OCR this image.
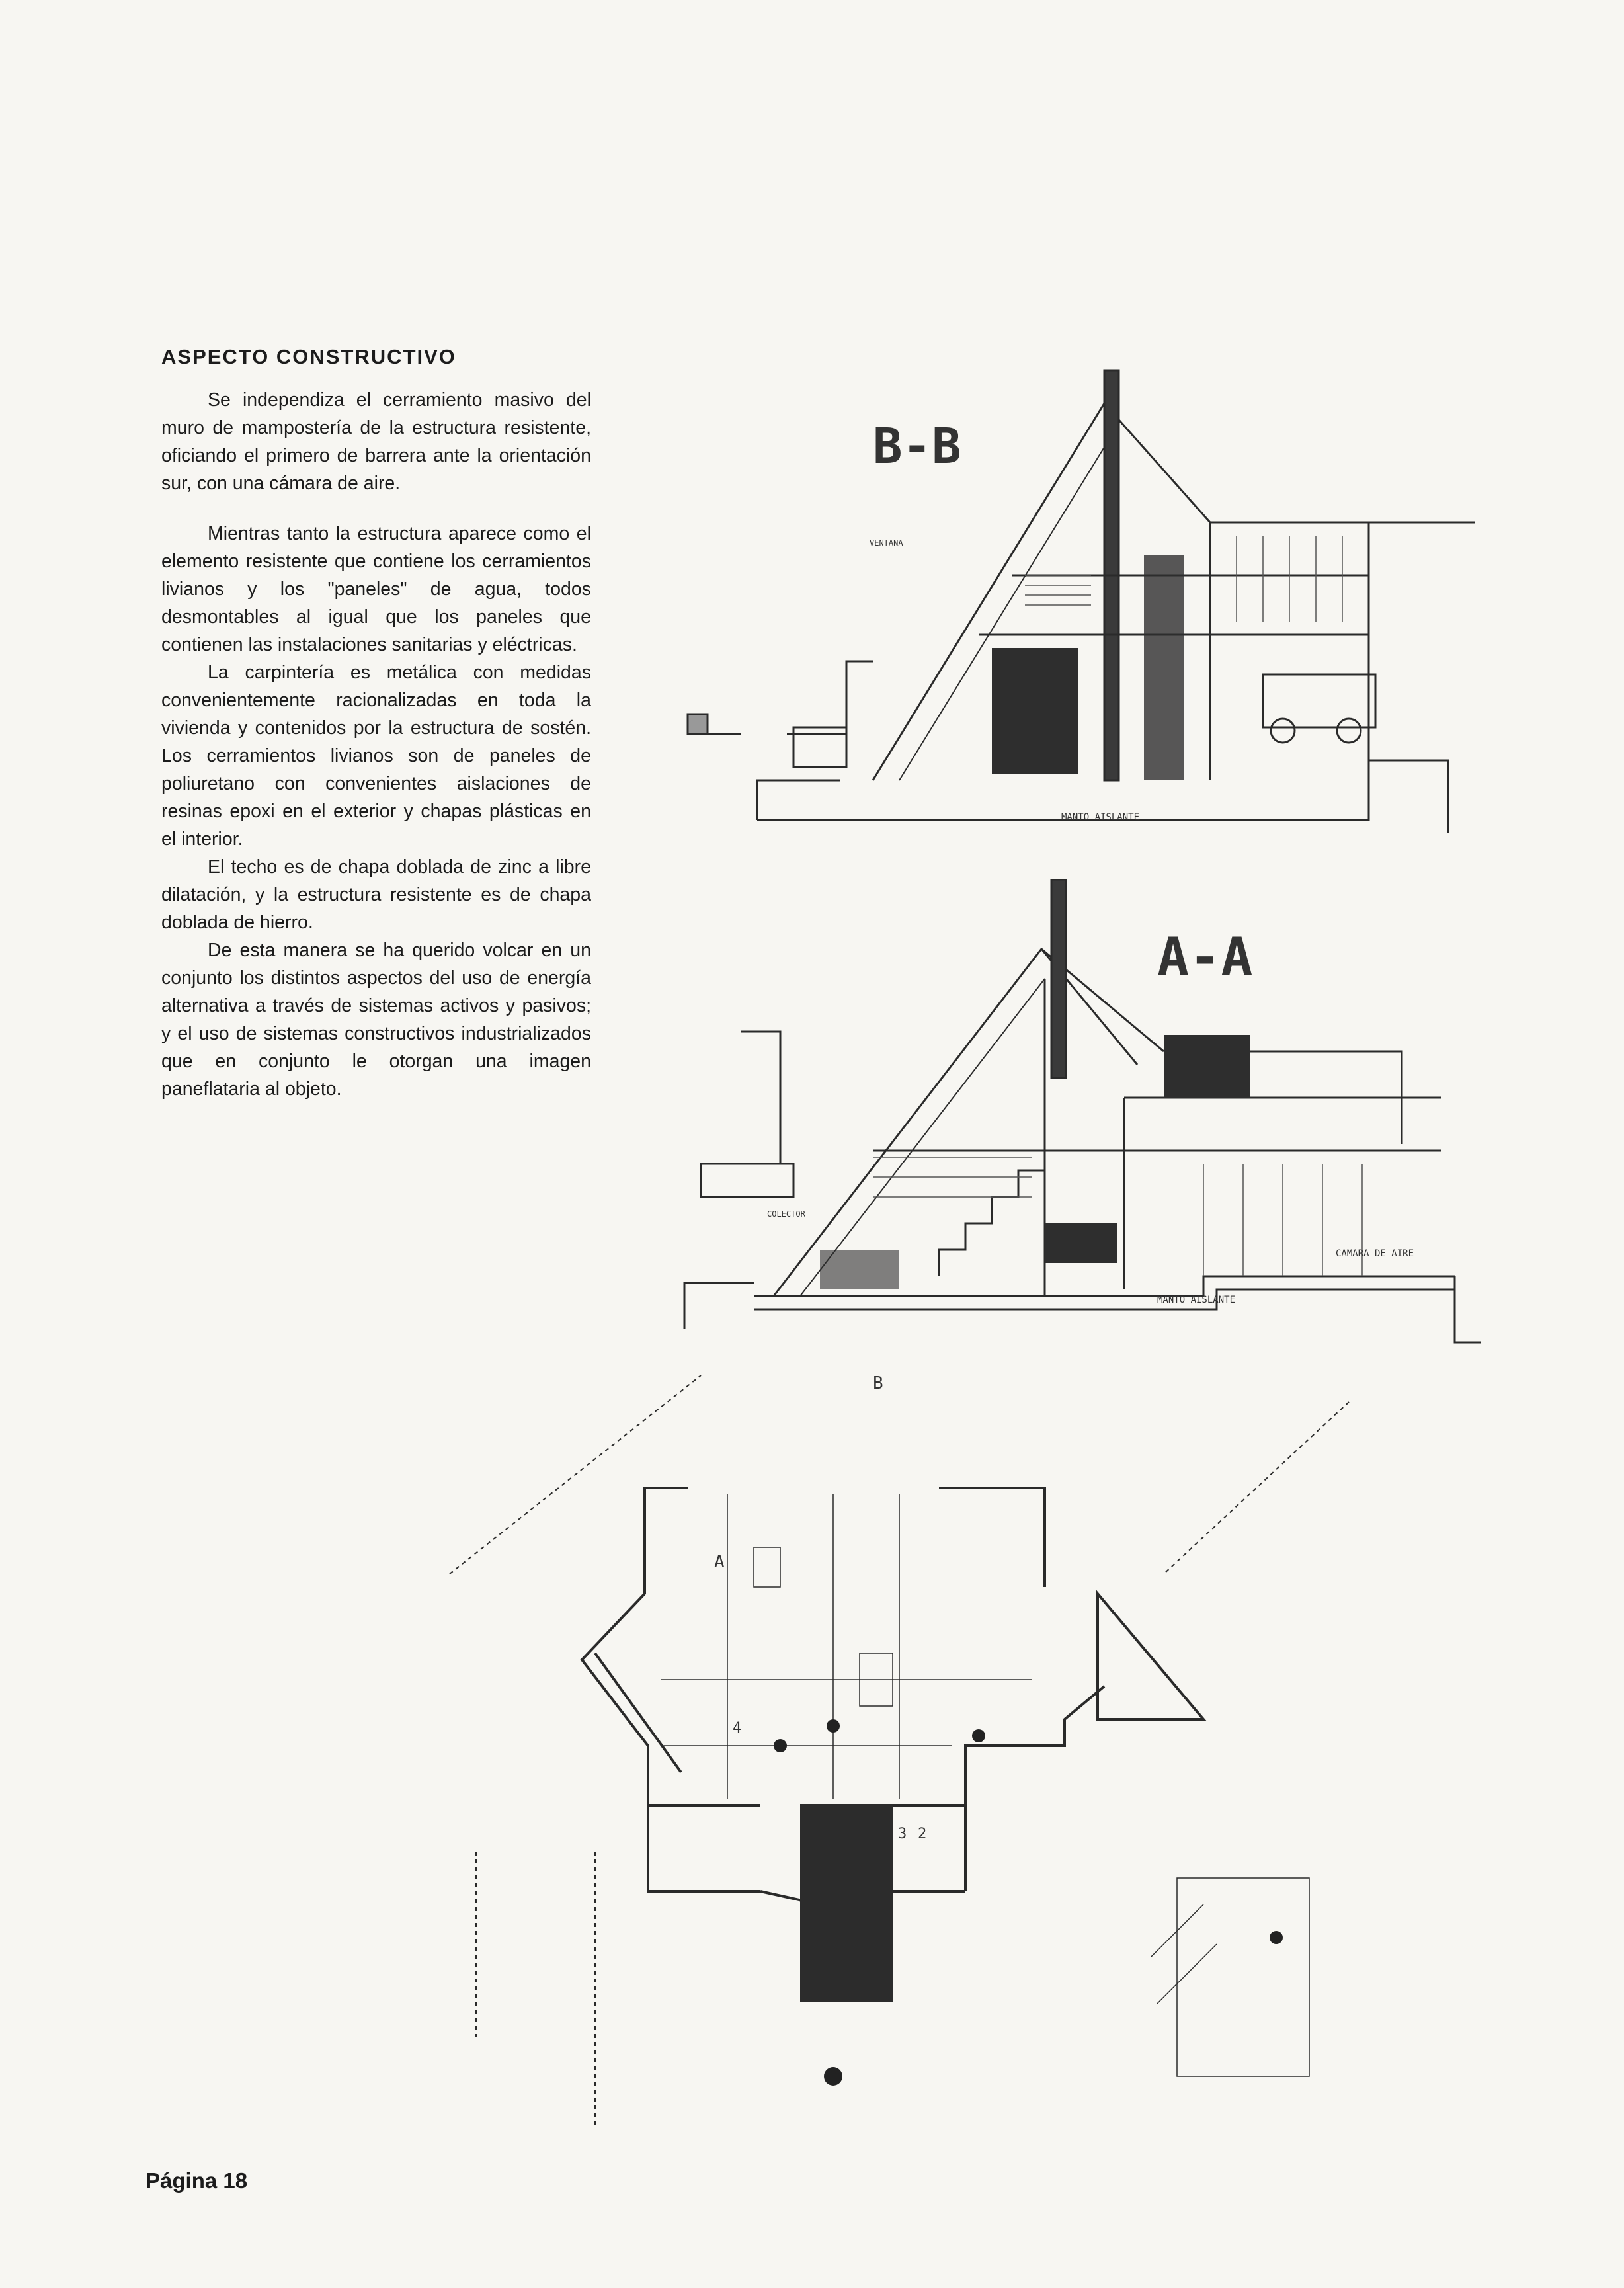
ASPECTO CONSTRUCTIVO

Se independiza el cerramiento masivo del muro de mampostería de la estructura resistente, oficiando el primero de barrera ante la orientación sur, con una cámara de aire.

Mientras tanto la estructura aparece como el elemento resistente que contiene los cerramientos livianos y los "paneles" de agua, todos desmontables al igual que los paneles que contienen las instalaciones sanitarias y eléctricas.

La carpintería es metálica con medidas convenientemente racionalizadas en toda la vivienda y contenidos por la estructura de sostén. Los cerramientos livianos son de paneles de poliuretano con convenientes aislaciones de resinas epoxi en el exterior y chapas plásticas en el interior.

El techo es de chapa doblada de zinc a libre dilatación, y la estructura resistente es de chapa doblada de hierro.

De esta manera se ha querido volcar en un conjunto los distintos aspectos del uso de energía alternativa a través de sistemas activos y pasivos; y el uso de sistemas constructivos industrializados que en conjunto le otorgan una imagen paneflataria al objeto.

B-B
MANTO AISLANTE
VENTANA
A-A
MANTO AISLANTE
CAMARA DE AIRE
COLECTOR
B
A
2
3
4
Página 18
